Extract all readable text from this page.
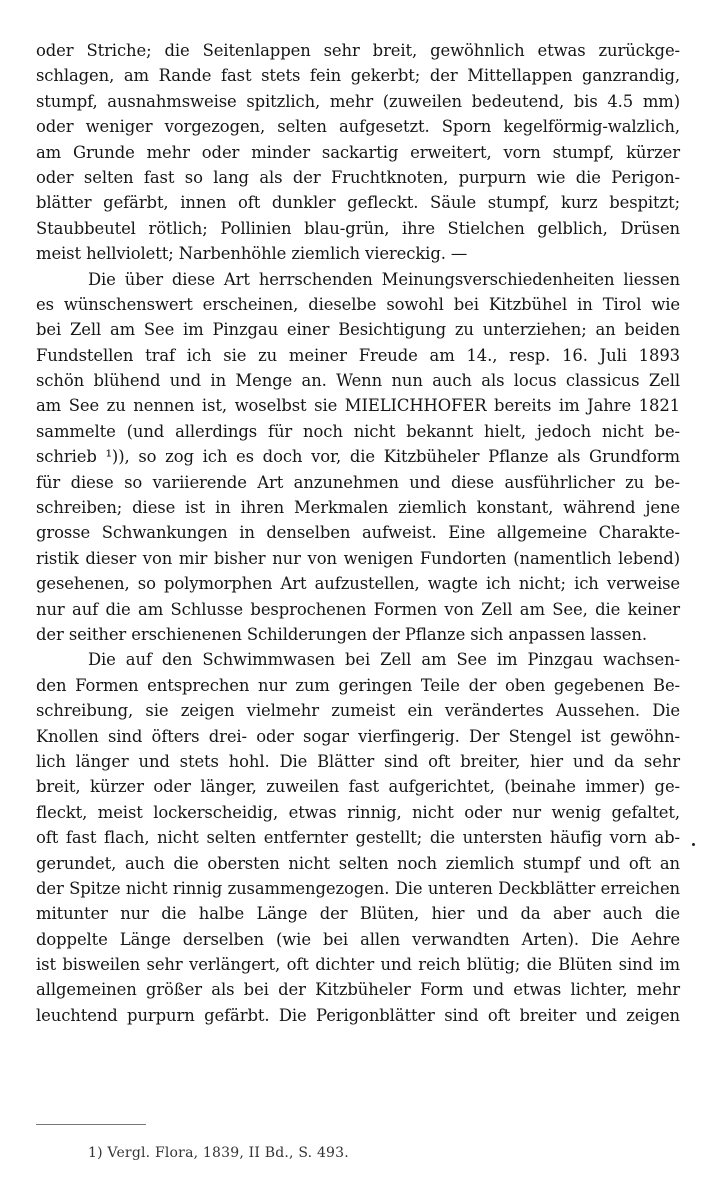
oder Striche; die Seitenlappen sehr breit, gewöhnlich etwas zurückge-
schlagen, am Rande fast stets fein gekerbt; der Mittellappen ganzrandig,
stumpf, ausnahmsweise spitzlich, mehr (zuweilen bedeutend, bis 4.5 mm)
oder weniger vorgezogen, selten aufgesetzt. Sporn kegelförmig-walzlich,
am Grunde mehr oder minder sackartig erweitert, vorn stumpf, kürzer
oder selten fast so lang als der Fruchtknoten, purpurn wie die Perigon-
blätter gefärbt, innen oft dunkler gefleckt. Säule stumpf, kurz bespitzt;
Staubbeutel rötlich; Pollinien blau-grün, ihre Stielchen gelblich, Drüsen
meist hellviolett; Narbenhöhle ziemlich viereckig. —
Die über diese Art herrschenden Meinungsverschiedenheiten liessen
es wünschenswert erscheinen, dieselbe sowohl bei Kitzbühel in Tirol wie
bei Zell am See im Pinzgau einer Besichtigung zu unterziehen; an beiden
Fundstellen traf ich sie zu meiner Freude am 14., resp. 16. Juli 1893
schön blühend und in Menge an. Wenn nun auch als locus classicus Zell
am See zu nennen ist, woselbst sie MIELICHHOFER bereits im Jahre 1821
sammelte (und allerdings für noch nicht bekannt hielt, jedoch nicht be-
schrieb ¹)), so zog ich es doch vor, die Kitzbüheler Pflanze als Grundform
für diese so variierende Art anzunehmen und diese ausführlicher zu be-
schreiben; diese ist in ihren Merkmalen ziemlich konstant, während jene
grosse Schwankungen in denselben aufweist. Eine allgemeine Charakte-
ristik dieser von mir bisher nur von wenigen Fundorten (namentlich lebend)
gesehenen, so polymorphen Art aufzustellen, wagte ich nicht; ich verweise
nur auf die am Schlusse besprochenen Formen von Zell am See, die keiner
der seither erschienenen Schilderungen der Pflanze sich anpassen lassen.
Die auf den Schwimmwasen bei Zell am See im Pinzgau wachsen-
den Formen entsprechen nur zum geringen Teile der oben gegebenen Be-
schreibung, sie zeigen vielmehr zumeist ein verändertes Aussehen. Die
Knollen sind öfters drei- oder sogar vierfingerig. Der Stengel ist gewöhn-
lich länger und stets hohl. Die Blätter sind oft breiter, hier und da sehr
breit, kürzer oder länger, zuweilen fast aufgerichtet, (beinahe immer) ge-
fleckt, meist lockerscheidig, etwas rinnig, nicht oder nur wenig gefaltet,
oft fast flach, nicht selten entfernter gestellt; die untersten häufig vorn ab-
gerundet, auch die obersten nicht selten noch ziemlich stumpf und oft an
der Spitze nicht rinnig zusammengezogen. Die unteren Deckblätter erreichen
mitunter nur die halbe Länge der Blüten, hier und da aber auch die
doppelte Länge derselben (wie bei allen verwandten Arten). Die Aehre
ist bisweilen sehr verlängert, oft dichter und reich blütig; die Blüten sind im
allgemeinen größer als bei der Kitzbüheler Form und etwas lichter, mehr
leuchtend purpurn gefärbt. Die Perigonblätter sind oft breiter und zeigen
1) Vergl. Flora, 1839, II Bd., S. 493.
